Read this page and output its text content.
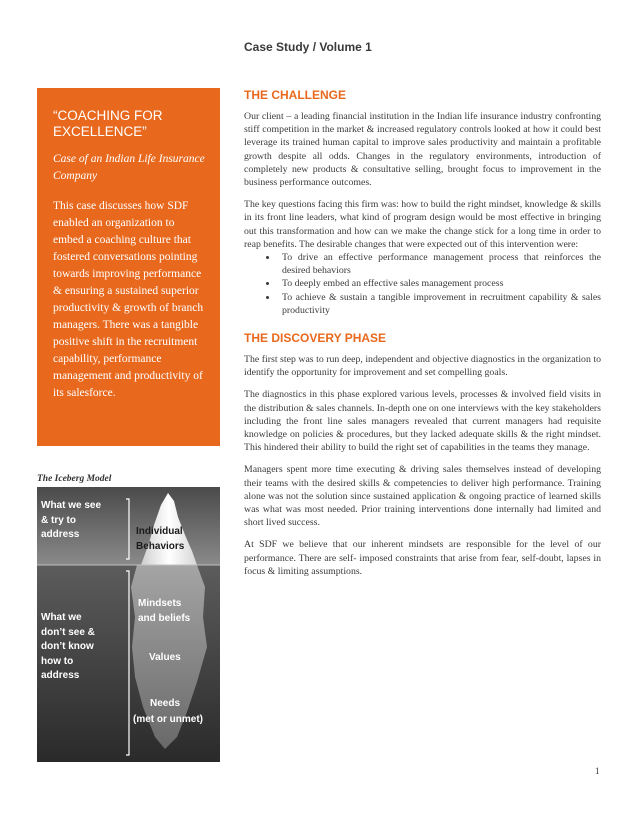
Case Study / Volume 1
“COACHING FOR EXCELLENCE”
Case of an Indian Life Insurance Company
This case discusses how SDF enabled an organization to embed a coaching culture that fostered conversations pointing towards improving performance & ensuring a sustained superior productivity & growth of branch managers. There was a tangible positive shift in the recruitment capability, performance management and productivity of its salesforce.
The Iceberg Model
What we see
& try to
address	Individual
Behaviors
What we
don’t see &
don’t know
how to
address
Mindsets
and beliefs
Values
Needs
(met or unmet)
THE CHALLENGE

Our client – a leading financial institution in the Indian life insurance industry confronting stiff competition in the market & increased regulatory controls looked at how it could best leverage its trained human capital to improve sales productivity and maintain a profitable growth despite all odds. Changes in the regulatory environments, introduction of completely new products & consultative selling, brought focus to improvement in the business performance outcomes.

The key questions facing this firm was: how to build the right mindset, knowledge & skills in its front line leaders, what kind of program design would be most effective in bringing out this transformation and how can we make the change stick for a long time in order to reap benefits. The desirable changes that were expected out of this intervention were:

• To drive an effective performance management process that reinforces the desired behaviors
• To deeply embed an effective sales management process
• To achieve & sustain a tangible improvement in recruitment capability & sales productivity
THE DISCOVERY PHASE

The first step was to run deep, independent and objective diagnostics in the organization to identify the opportunity for improvement and set compelling goals.

The diagnostics in this phase explored various levels, processes & involved field visits in the distribution & sales channels. In-depth one on one interviews with the key stakeholders including the front line sales managers revealed that current managers had requisite knowledge on policies & procedures, but they lacked adequate skills & the right mindset. This hindered their ability to build the right set of capabilities in the teams they manage.

Managers spent more time executing & driving sales themselves instead of developing their teams with the desired skills & competencies to deliver high performance. Training alone was not the solution since sustained application & ongoing practice of learned skills was what was most needed. Prior training interventions done internally had limited and short lived success.

At SDF we believe that our inherent mindsets are responsible for the level of our performance. There are self- imposed constraints that arise from fear, self-doubt, lapses in focus & limiting assumptions.

1
